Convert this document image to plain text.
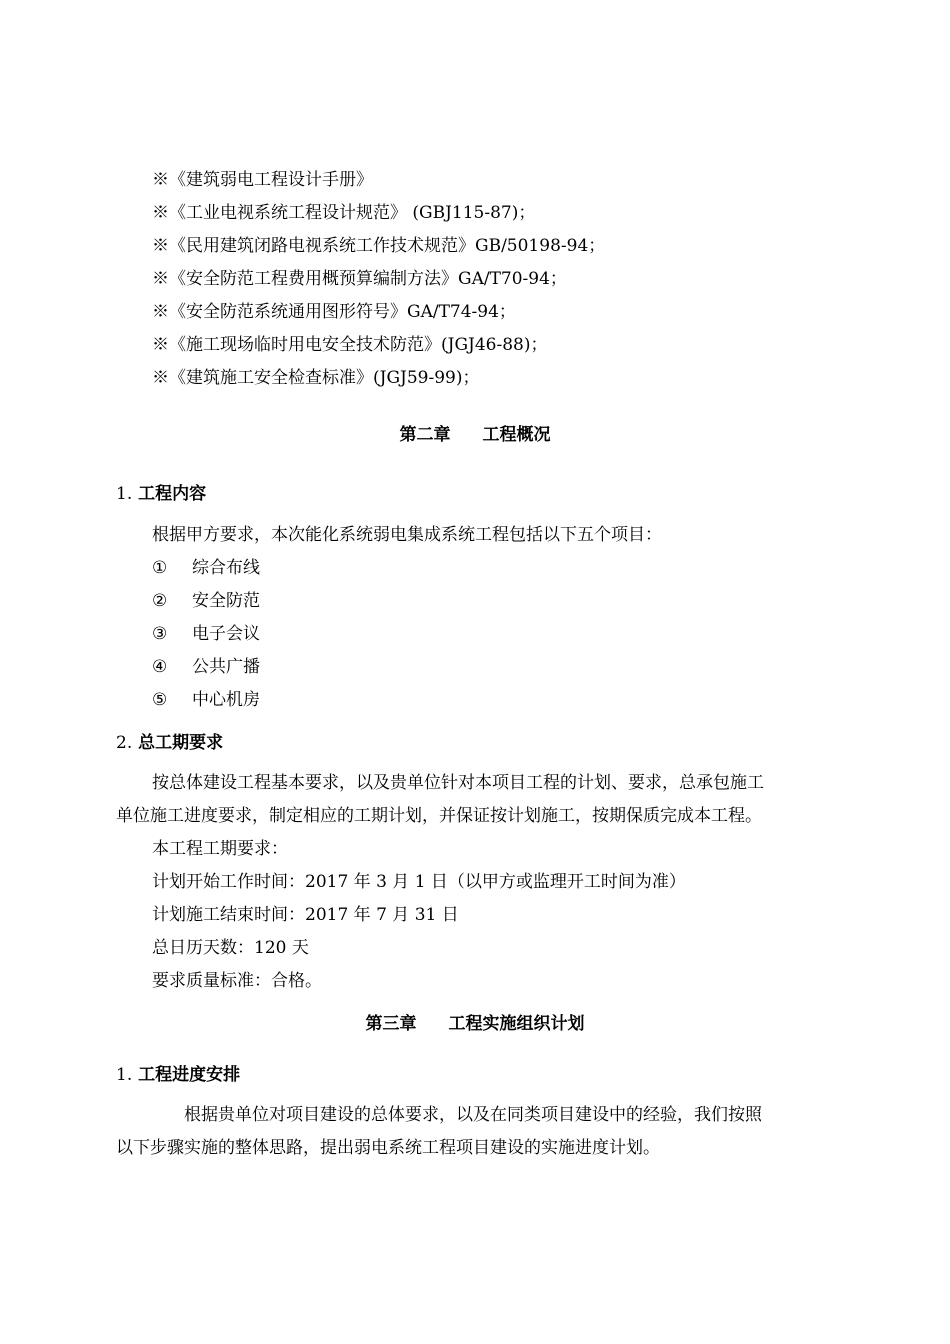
※《建筑弱电工程设计手册》
※《工业电视系统工程设计规范》 (GBJ115-87)；
※《民用建筑闭路电视系统工作技术规范》GB/50198-94；
※《安全防范工程费用概预算编制方法》GA/T70-94；
※《安全防范系统通用图形符号》GA/T74-94；
※《施工现场临时用电安全技术防范》(JGJ46-88)；
※《建筑施工安全检查标准》(JGJ59-99)；
第二章 工程概况
1. 工程内容
根据甲方要求，本次能化系统弱电集成系统工程包括以下五个项目：
① 综合布线
② 安全防范
③ 电子会议
④ 公共广播
⑤ 中心机房
2. 总工期要求
按总体建设工程基本要求，以及贵单位针对本项目工程的计划、要求，总承包施工
单位施工进度要求，制定相应的工期计划，并保证按计划施工，按期保质完成本工程。
本工程工期要求：
计划开始工作时间：2017 年 3 月 1 日（以甲方或监理开工时间为准）
计划施工结束时间：2017 年 7 月 31 日
总日历天数：120 天
要求质量标准：合格。
第三章 工程实施组织计划
1. 工程进度安排
根据贵单位对项目建设的总体要求，以及在同类项目建设中的经验，我们按照
以下步骤实施的整体思路，提出弱电系统工程项目建设的实施进度计划。
